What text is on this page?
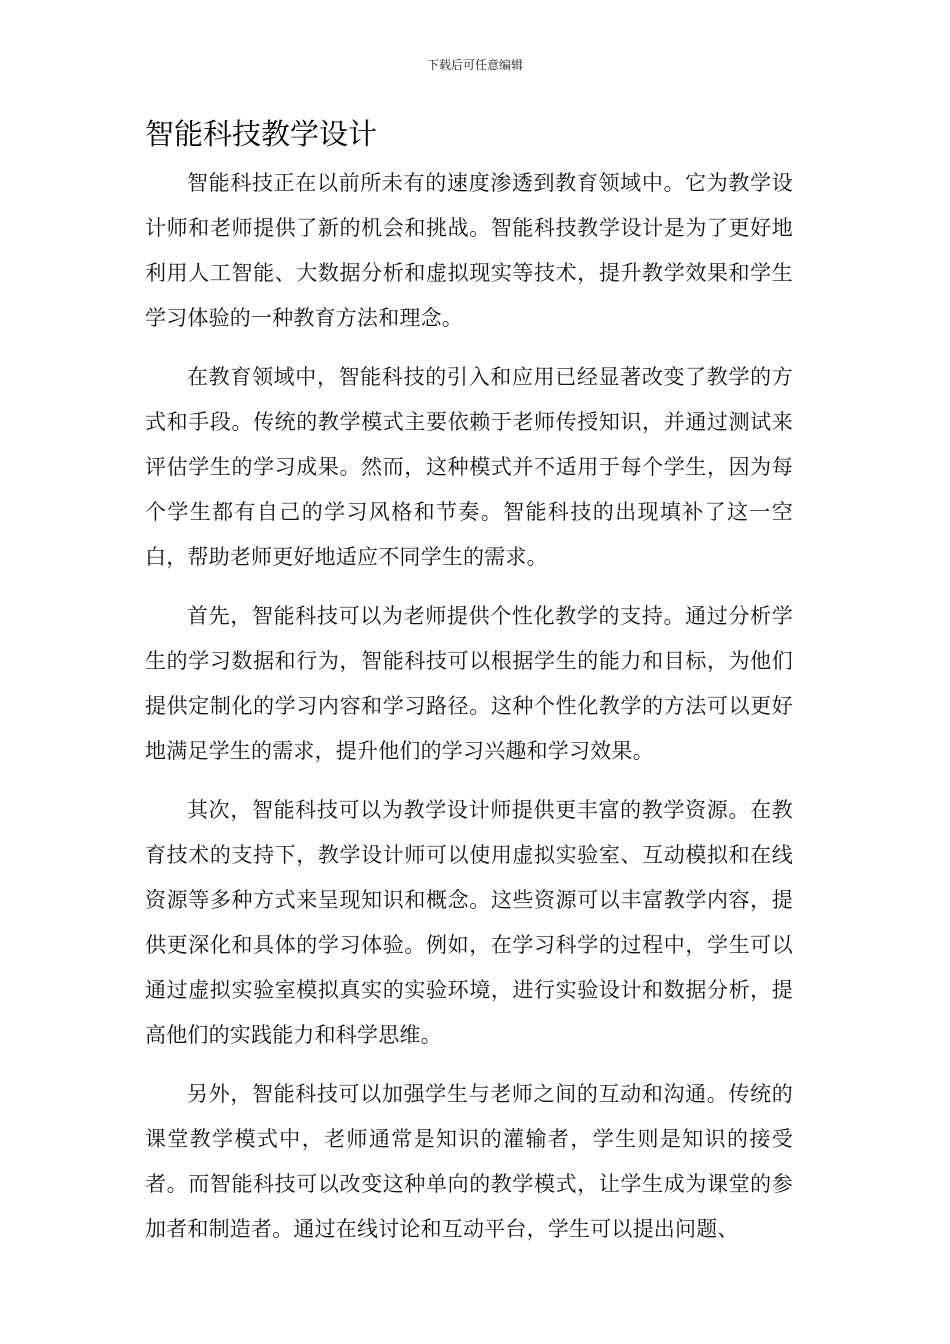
下载后可任意编辑
智能科技教学设计

智能科技正在以前所未有的速度渗透到教育领域中。它为教学设计师和老师提供了新的机会和挑战。智能科技教学设计是为了更好地利用人工智能、大数据分析和虚拟现实等技术，提升教学效果和学生学习体验的一种教育方法和理念。

在教育领域中，智能科技的引入和应用已经显著改变了教学的方式和手段。传统的教学模式主要依赖于老师传授知识，并通过测试来评估学生的学习成果。然而，这种模式并不适用于每个学生，因为每个学生都有自己的学习风格和节奏。智能科技的出现填补了这一空白，帮助老师更好地适应不同学生的需求。

首先，智能科技可以为老师提供个性化教学的支持。通过分析学生的学习数据和行为，智能科技可以根据学生的能力和目标，为他们提供定制化的学习内容和学习路径。这种个性化教学的方法可以更好地满足学生的需求，提升他们的学习兴趣和学习效果。

其次，智能科技可以为教学设计师提供更丰富的教学资源。在教育技术的支持下，教学设计师可以使用虚拟实验室、互动模拟和在线资源等多种方式来呈现知识和概念。这些资源可以丰富教学内容，提供更深化和具体的学习体验。例如，在学习科学的过程中，学生可以通过虚拟实验室模拟真实的实验环境，进行实验设计和数据分析，提高他们的实践能力和科学思维。

另外，智能科技可以加强学生与老师之间的互动和沟通。传统的课堂教学模式中，老师通常是知识的灌输者，学生则是知识的接受者。而智能科技可以改变这种单向的教学模式，让学生成为课堂的参加者和制造者。通过在线讨论和互动平台，学生可以提出问题、
